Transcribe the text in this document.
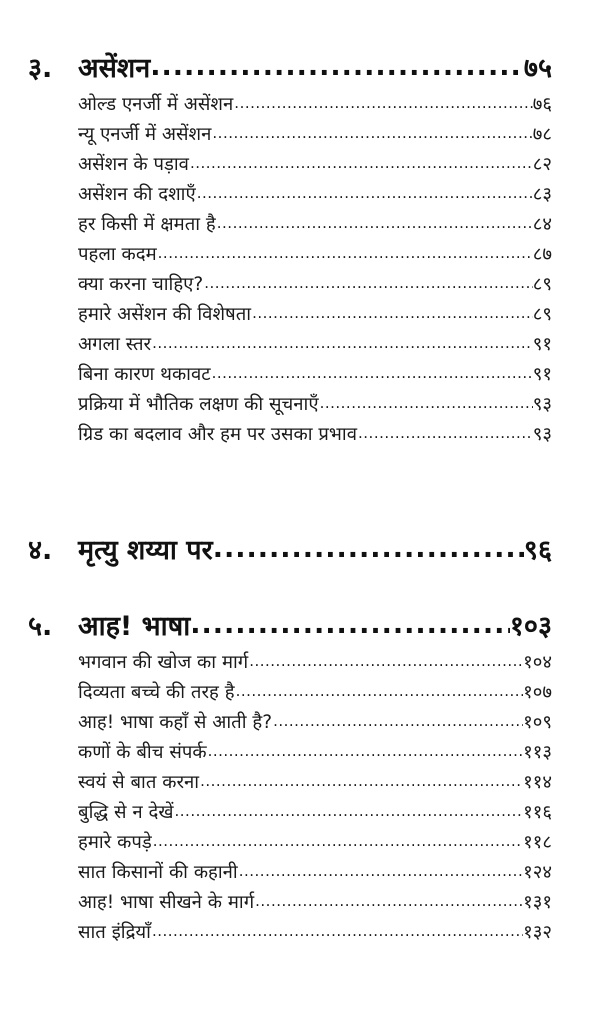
३. असेंशन .....	७५
ओल्ड एनर्जी में असेंशन .....	७६
न्यू एनर्जी में असेंशन .....	७८
असेंशन के पड़ाव .....	८२
असेंशन की दशाएँ .....	८३
हर किसी में क्षमता है .....	८४
पहला कदम .....	८७
क्या करना चाहिए? .....	८९
हमारे असेंशन की विशेषता .....	८९
अगला स्तर .....	९१
बिना कारण थकावट .....	९१
प्रक्रिया में भौतिक लक्षण की सूचनाएँ .....	९३
ग्रिड का बदलाव और हम पर उसका प्रभाव .....	९३
४. मृत्यु शय्या पर .....	९६
५. आह! भाषा .....	१०३
भगवान की खोज का मार्ग .....	१०४
दिव्यता बच्चे की तरह है .....	१०७
आह! भाषा कहाँ से आती है? .....	१०९
कणों के बीच संपर्क .....	११३
स्वयं से बात करना .....	११४
बुद्धि से न देखें .....	११६
हमारे कपड़े .....	११८
सात किसानों की कहानी .....	१२४
आह! भाषा सीखने के मार्ग .....	१३१
सात इंद्रियाँ .....	१३२
